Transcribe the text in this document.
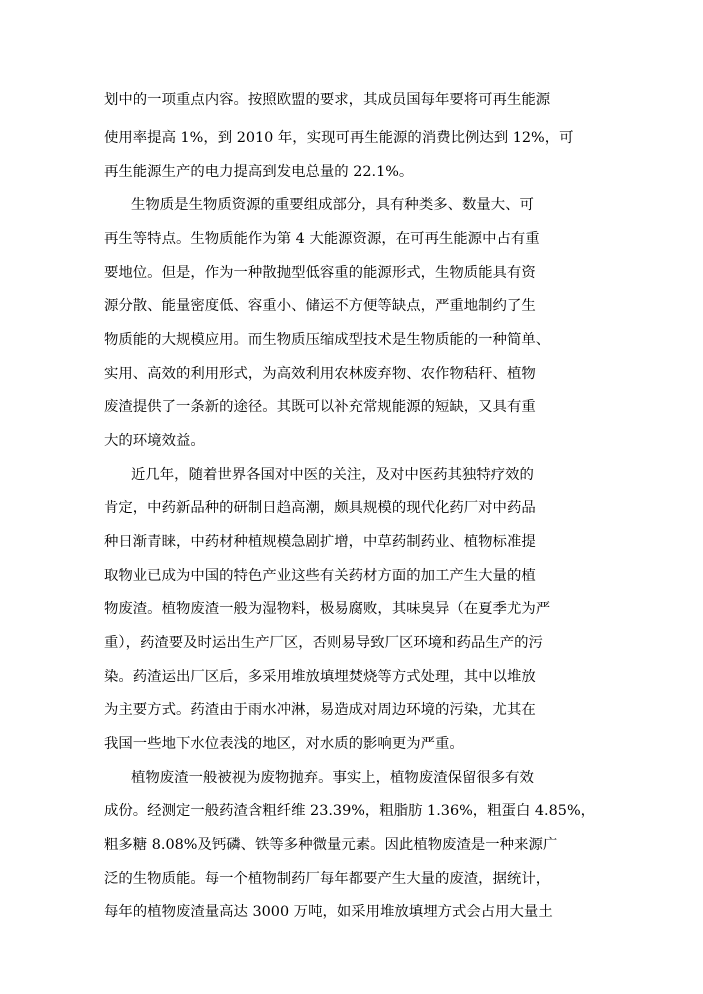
划中的一项重点内容。按照欧盟的要求，其成员国每年要将可再生能源
使用率提高 1%，到 2010 年，实现可再生能源的消费比例达到 12%，可
再生能源生产的电力提高到发电总量的 22.1%。
生物质是生物质资源的重要组成部分，具有种类多、数量大、可
再生等特点。生物质能作为第 4 大能源资源，在可再生能源中占有重
要地位。但是，作为一种散抛型低容重的能源形式，生物质能具有资
源分散、能量密度低、容重小、储运不方便等缺点，严重地制约了生
物质能的大规模应用。而生物质压缩成型技术是生物质能的一种简单、
实用、高效的利用形式，为高效利用农林废弃物、农作物秸秆、植物
废渣提供了一条新的途径。其既可以补充常规能源的短缺，又具有重
大的环境效益。
近几年，随着世界各国对中医的关注，及对中医药其独特疗效的
肯定，中药新品种的研制日趋高潮，颇具规模的现代化药厂对中药品
种日渐青睐，中药材种植规模急剧扩增，中草药制药业、植物标准提
取物业已成为中国的特色产业这些有关药材方面的加工产生大量的植
物废渣。植物废渣一般为湿物料，极易腐败，其味臭异（在夏季尤为严
重），药渣要及时运出生产厂区，否则易导致厂区环境和药品生产的污
染。药渣运出厂区后，多采用堆放填埋焚烧等方式处理，其中以堆放
为主要方式。药渣由于雨水冲淋，易造成对周边环境的污染，尤其在
我国一些地下水位表浅的地区，对水质的影响更为严重。
植物废渣一般被视为废物抛弃。事实上，植物废渣保留很多有效
成份。经测定一般药渣含粗纤维 23.39%，粗脂肪 1.36%，粗蛋白 4.85%，
粗多糖 8.08%及钙磷、铁等多种微量元素。因此植物废渣是一种来源广
泛的生物质能。每一个植物制药厂每年都要产生大量的废渣，据统计，
每年的植物废渣量高达 3000 万吨，如采用堆放填埋方式会占用大量土
